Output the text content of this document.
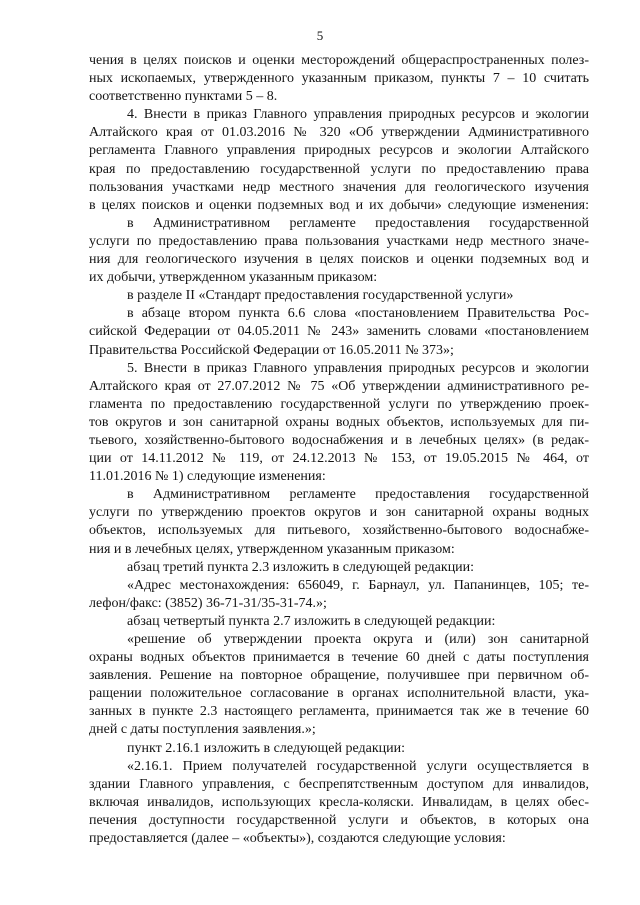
5
чения в целях поисков и оценки месторождений общераспространенных полез-
ных ископаемых, утвержденного указанным приказом, пункты 7 – 10 считать
соответственно пунктами 5 – 8.
4. Внести в приказ Главного управления природных ресурсов и экологии
Алтайского края от 01.03.2016 № 320 «Об утверждении Административного
регламента Главного управления природных ресурсов и экологии Алтайского
края по предоставлению государственной услуги по предоставлению права
пользования участками недр местного значения для геологического изучения
в целях поисков и оценки подземных вод и их добычи» следующие изменения:
в Административном регламенте предоставления государственной
услуги по предоставлению права пользования участками недр местного значе-
ния для геологического изучения в целях поисков и оценки подземных вод и
их добычи, утвержденном указанным приказом:
в разделе II «Стандарт предоставления государственной услуги»
в абзаце втором пункта 6.6 слова «постановлением Правительства Рос-
сийской Федерации от 04.05.2011 № 243» заменить словами «постановлением
Правительства Российской Федерации от 16.05.2011 № 373»;
5. Внести в приказ Главного управления природных ресурсов и экологии
Алтайского края от 27.07.2012 № 75 «Об утверждении административного ре-
гламента по предоставлению государственной услуги по утверждению проек-
тов округов и зон санитарной охраны водных объектов, используемых для пи-
тьевого, хозяйственно-бытового водоснабжения и в лечебных целях» (в редак-
ции от 14.11.2012 № 119, от 24.12.2013 № 153, от 19.05.2015 № 464, от
11.01.2016 № 1) следующие изменения:
в Административном регламенте предоставления государственной
услуги по утверждению проектов округов и зон санитарной охраны водных
объектов, используемых для питьевого, хозяйственно-бытового водоснабже-
ния и в лечебных целях, утвержденном указанным приказом:
абзац третий пункта 2.3 изложить в следующей редакции:
«Адрес местонахождения: 656049, г. Барнаул, ул. Папанинцев, 105; те-
лефон/факс: (3852) 36-71-31/35-31-74.»;
абзац четвертый пункта 2.7 изложить в следующей редакции:
«решение об утверждении проекта округа и (или) зон санитарной
охраны водных объектов принимается в течение 60 дней с даты поступления
заявления. Решение на повторное обращение, получившее при первичном об-
ращении положительное согласование в органах исполнительной власти, ука-
занных в пункте 2.3 настоящего регламента, принимается так же в течение 60
дней с даты поступления заявления.»;
пункт 2.16.1 изложить в следующей редакции:
«2.16.1. Прием получателей государственной услуги осуществляется в
здании Главного управления, с беспрепятственным доступом для инвалидов,
включая инвалидов, использующих кресла-коляски. Инвалидам, в целях обес-
печения доступности государственной услуги и объектов, в которых она
предоставляется (далее – «объекты»), создаются следующие условия:
